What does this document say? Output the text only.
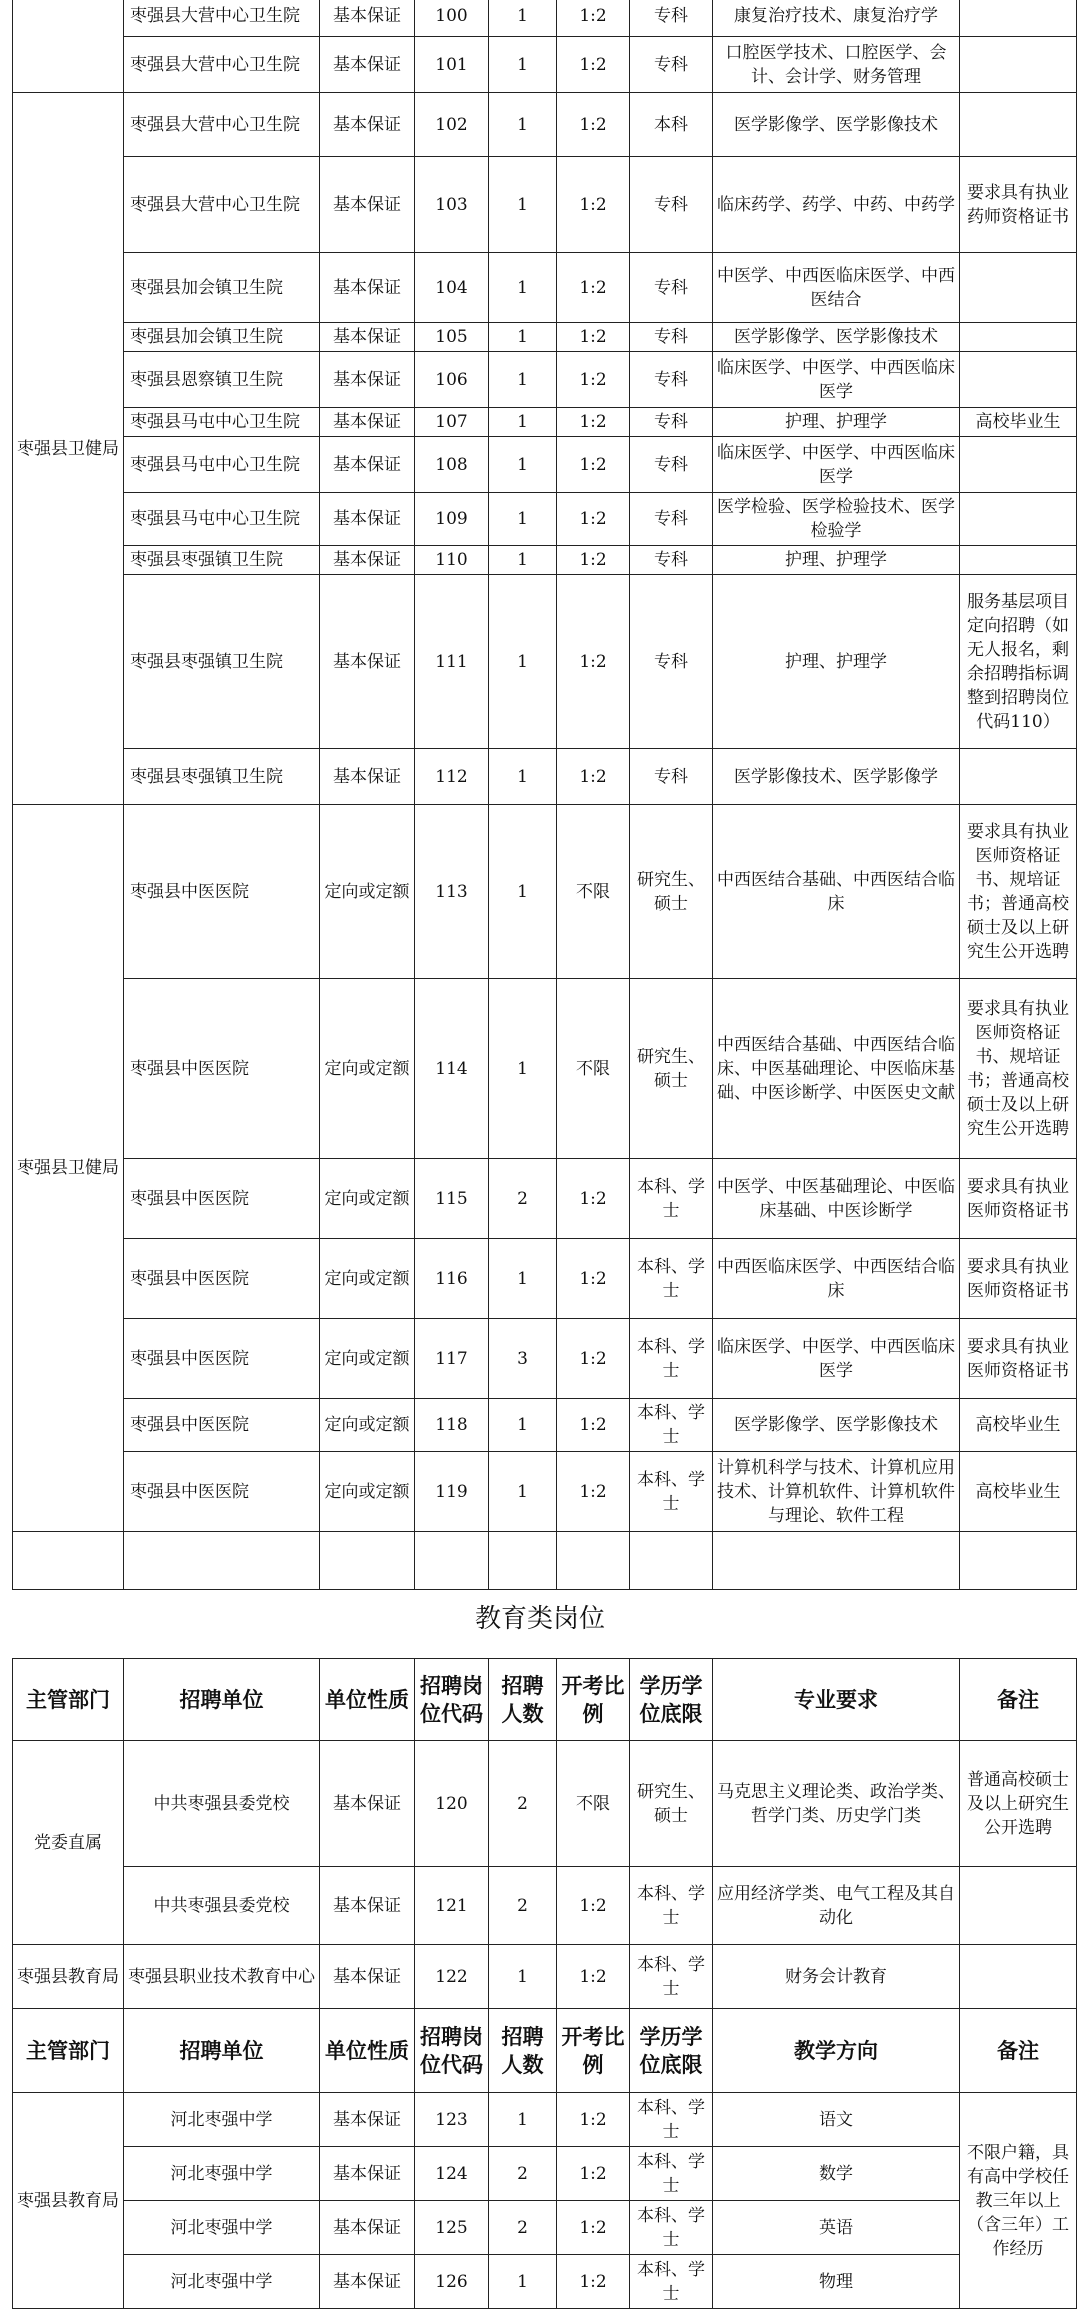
	枣强县大营中心卫生院	基本保证	100	1	1:2	专科	康复治疗技术、康复治疗学	
	枣强县大营中心卫生院	基本保证	101	1	1:2	专科	口腔医学技术、口腔医学、会计、会计学、财务管理	
枣强县卫健局	枣强县大营中心卫生院	基本保证	102	1	1:2	本科	医学影像学、医学影像技术	
	枣强县大营中心卫生院	基本保证	103	1	1:2	专科	临床药学、药学、中药、中药学	要求具有执业药师资格证书
	枣强县加会镇卫生院	基本保证	104	1	1:2	专科	中医学、中西医临床医学、中西医结合	
	枣强县加会镇卫生院	基本保证	105	1	1:2	专科	医学影像学、医学影像技术	
	枣强县恩察镇卫生院	基本保证	106	1	1:2	专科	临床医学、中医学、中西医临床医学	
	枣强县马屯中心卫生院	基本保证	107	1	1:2	专科	护理、护理学	高校毕业生
	枣强县马屯中心卫生院	基本保证	108	1	1:2	专科	临床医学、中医学、中西医临床医学	
	枣强县马屯中心卫生院	基本保证	109	1	1:2	专科	医学检验、医学检验技术、医学检验学	
	枣强县枣强镇卫生院	基本保证	110	1	1:2	专科	护理、护理学	
	枣强县枣强镇卫生院	基本保证	111	1	1:2	专科	护理、护理学	服务基层项目定向招聘（如无人报名，剩余招聘指标调整到招聘岗位代码110）
	枣强县枣强镇卫生院	基本保证	112	1	1:2	专科	医学影像技术、医学影像学	
枣强县卫健局	枣强县中医医院	定向或定额	113	1	不限	研究生、硕士	中西医结合基础、中西医结合临床	要求具有执业医师资格证书、规培证书；普通高校硕士及以上研究生公开选聘
	枣强县中医医院	定向或定额	114	1	不限	研究生、硕士	中西医结合基础、中西医结合临床、中医基础理论、中医临床基础、中医诊断学、中医医史文献	要求具有执业医师资格证书、规培证书；普通高校硕士及以上研究生公开选聘
	枣强县中医医院	定向或定额	115	2	1:2	本科、学士	中医学、中医基础理论、中医临床基础、中医诊断学	要求具有执业医师资格证书
	枣强县中医医院	定向或定额	116	1	1:2	本科、学士	中西医临床医学、中西医结合临床	要求具有执业医师资格证书
	枣强县中医医院	定向或定额	117	3	1:2	本科、学士	临床医学、中医学、中西医临床医学	要求具有执业医师资格证书
	枣强县中医医院	定向或定额	118	1	1:2	本科、学士	医学影像学、医学影像技术	高校毕业生
	枣强县中医医院	定向或定额	119	1	1:2	本科、学士	计算机科学与技术、计算机应用技术、计算机软件、计算机软件与理论、软件工程	高校毕业生

教育类岗位
主管部门	招聘单位	单位性质	招聘岗位代码	招聘人数	开考比例	学历学位底限	专业要求	备注
党委直属	中共枣强县委党校	基本保证	120	2	不限	研究生、硕士	马克思主义理论类、政治学类、哲学门类、历史学门类	普通高校硕士及以上研究生公开选聘
	中共枣强县委党校	基本保证	121	2	1:2	本科、学士	应用经济学类、电气工程及其自动化	
枣强县教育局	枣强县职业技术教育中心	基本保证	122	1	1:2	本科、学士	财务会计教育	
主管部门	招聘单位	单位性质	招聘岗位代码	招聘人数	开考比例	学历学位底限	教学方向	备注
枣强县教育局	河北枣强中学	基本保证	123	1	1:2	本科、学士	语文	不限户籍，具有高中学校任教三年以上（含三年）工作经历
	河北枣强中学	基本保证	124	2	1:2	本科、学士	数学	
	河北枣强中学	基本保证	125	2	1:2	本科、学士	英语	
	河北枣强中学	基本保证	126	1	1:2	本科、学士	物理	
